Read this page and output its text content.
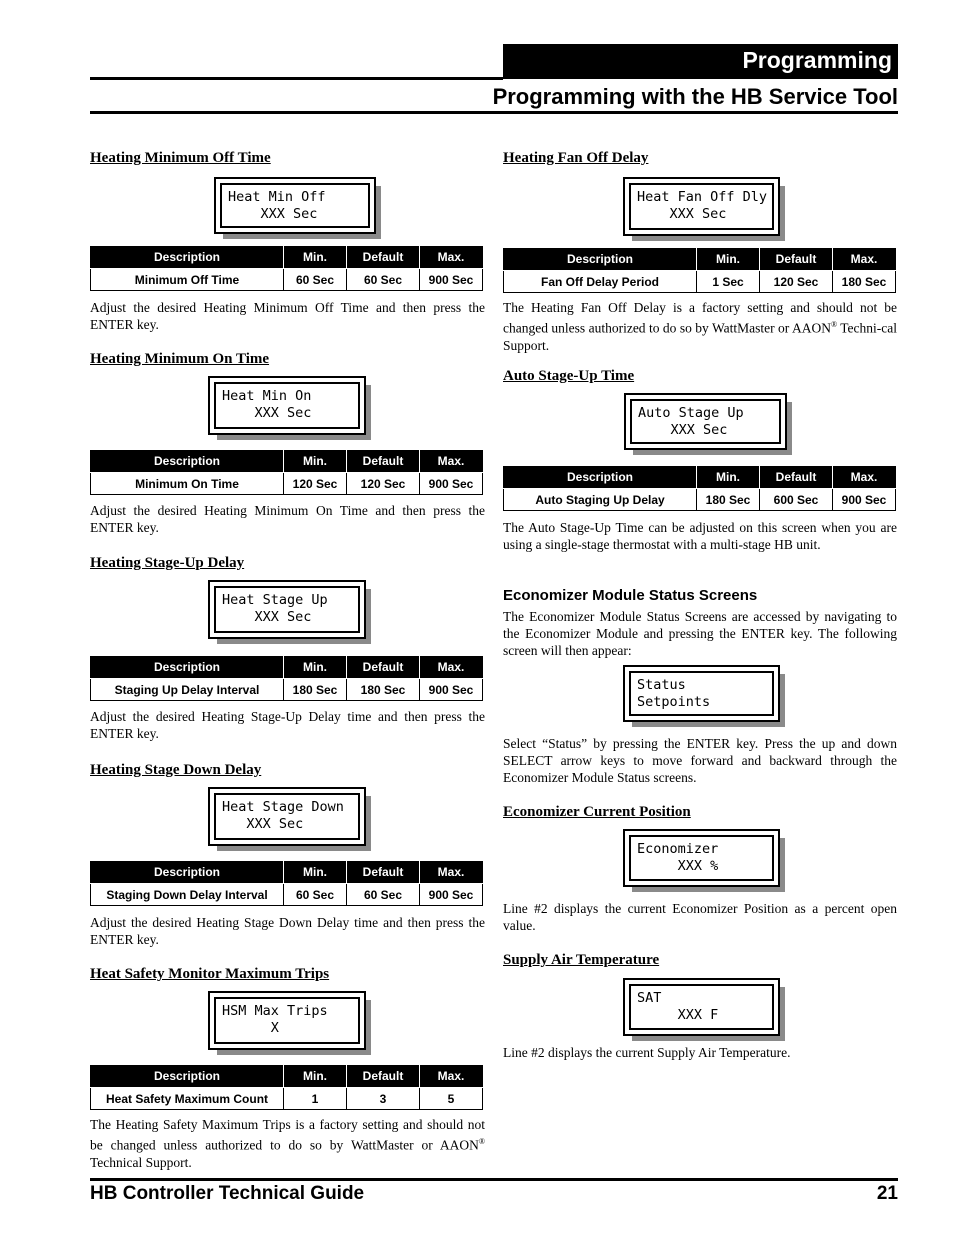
Programming
Programming with the HB Service Tool
Heating Minimum Off Time
Heat Min Off
XXX Sec
Description	Min.	Default	Max.
Minimum Off Time	60 Sec	60 Sec	900 Sec
Adjust the desired Heating Minimum Off Time and then press the ENTER key.
Heating Minimum On Time
Heat Min On
XXX Sec
Description	Min.	Default	Max.
Minimum On Time	120 Sec	120 Sec	900 Sec
Adjust the desired Heating Minimum On Time and then press the ENTER key.
Heating Stage-Up Delay
Heat Stage Up
XXX Sec
Description	Min.	Default	Max.
Staging Up Delay Interval	180 Sec	180 Sec	900 Sec
Adjust the desired Heating Stage-Up Delay time and then press the ENTER key.
Heating Stage Down Delay
Heat Stage Down
XXX Sec
Description	Min.	Default	Max.
Staging Down Delay Interval	60 Sec	60 Sec	900 Sec
Adjust the desired Heating Stage Down Delay time and then press the ENTER key.
Heat Safety Monitor Maximum Trips
HSM Max Trips
X
Description	Min.	Default	Max.
Heat Safety Maximum Count	1	3	5
The Heating Safety Maximum Trips is a factory setting and should not be changed unless authorized to do so by WattMaster or AAON® Technical Support.
Heating Fan Off Delay
Heat Fan Off Dly
XXX Sec
Description	Min.	Default	Max.
Fan Off Delay Period	1 Sec	120 Sec	180 Sec
The Heating Fan Off Delay is a factory setting and should not be changed unless authorized to do so by WattMaster or AAON® Techni-cal Support.
Auto Stage-Up Time
Auto Stage Up
XXX Sec
Description	Min.	Default	Max.
Auto Staging Up Delay	180 Sec	600 Sec	900 Sec
The Auto Stage-Up Time can be adjusted on this screen when you are using a single-stage thermostat with a multi-stage HB unit.
Economizer Module Status Screens
The Economizer Module Status Screens are accessed by navigating to the Economizer Module and pressing the ENTER key. The following screen will then appear:
Status
Setpoints
Select “Status” by pressing the ENTER key. Press the up and down SELECT arrow keys to move forward and backward through the Economizer Module Status screens.
Economizer Current Position
Economizer
XXX %
Line #2 displays the current Economizer Position as a percent open value.
Supply Air Temperature
SAT
XXX F
Line #2 displays the current Supply Air Temperature.
HB Controller Technical Guide	21
